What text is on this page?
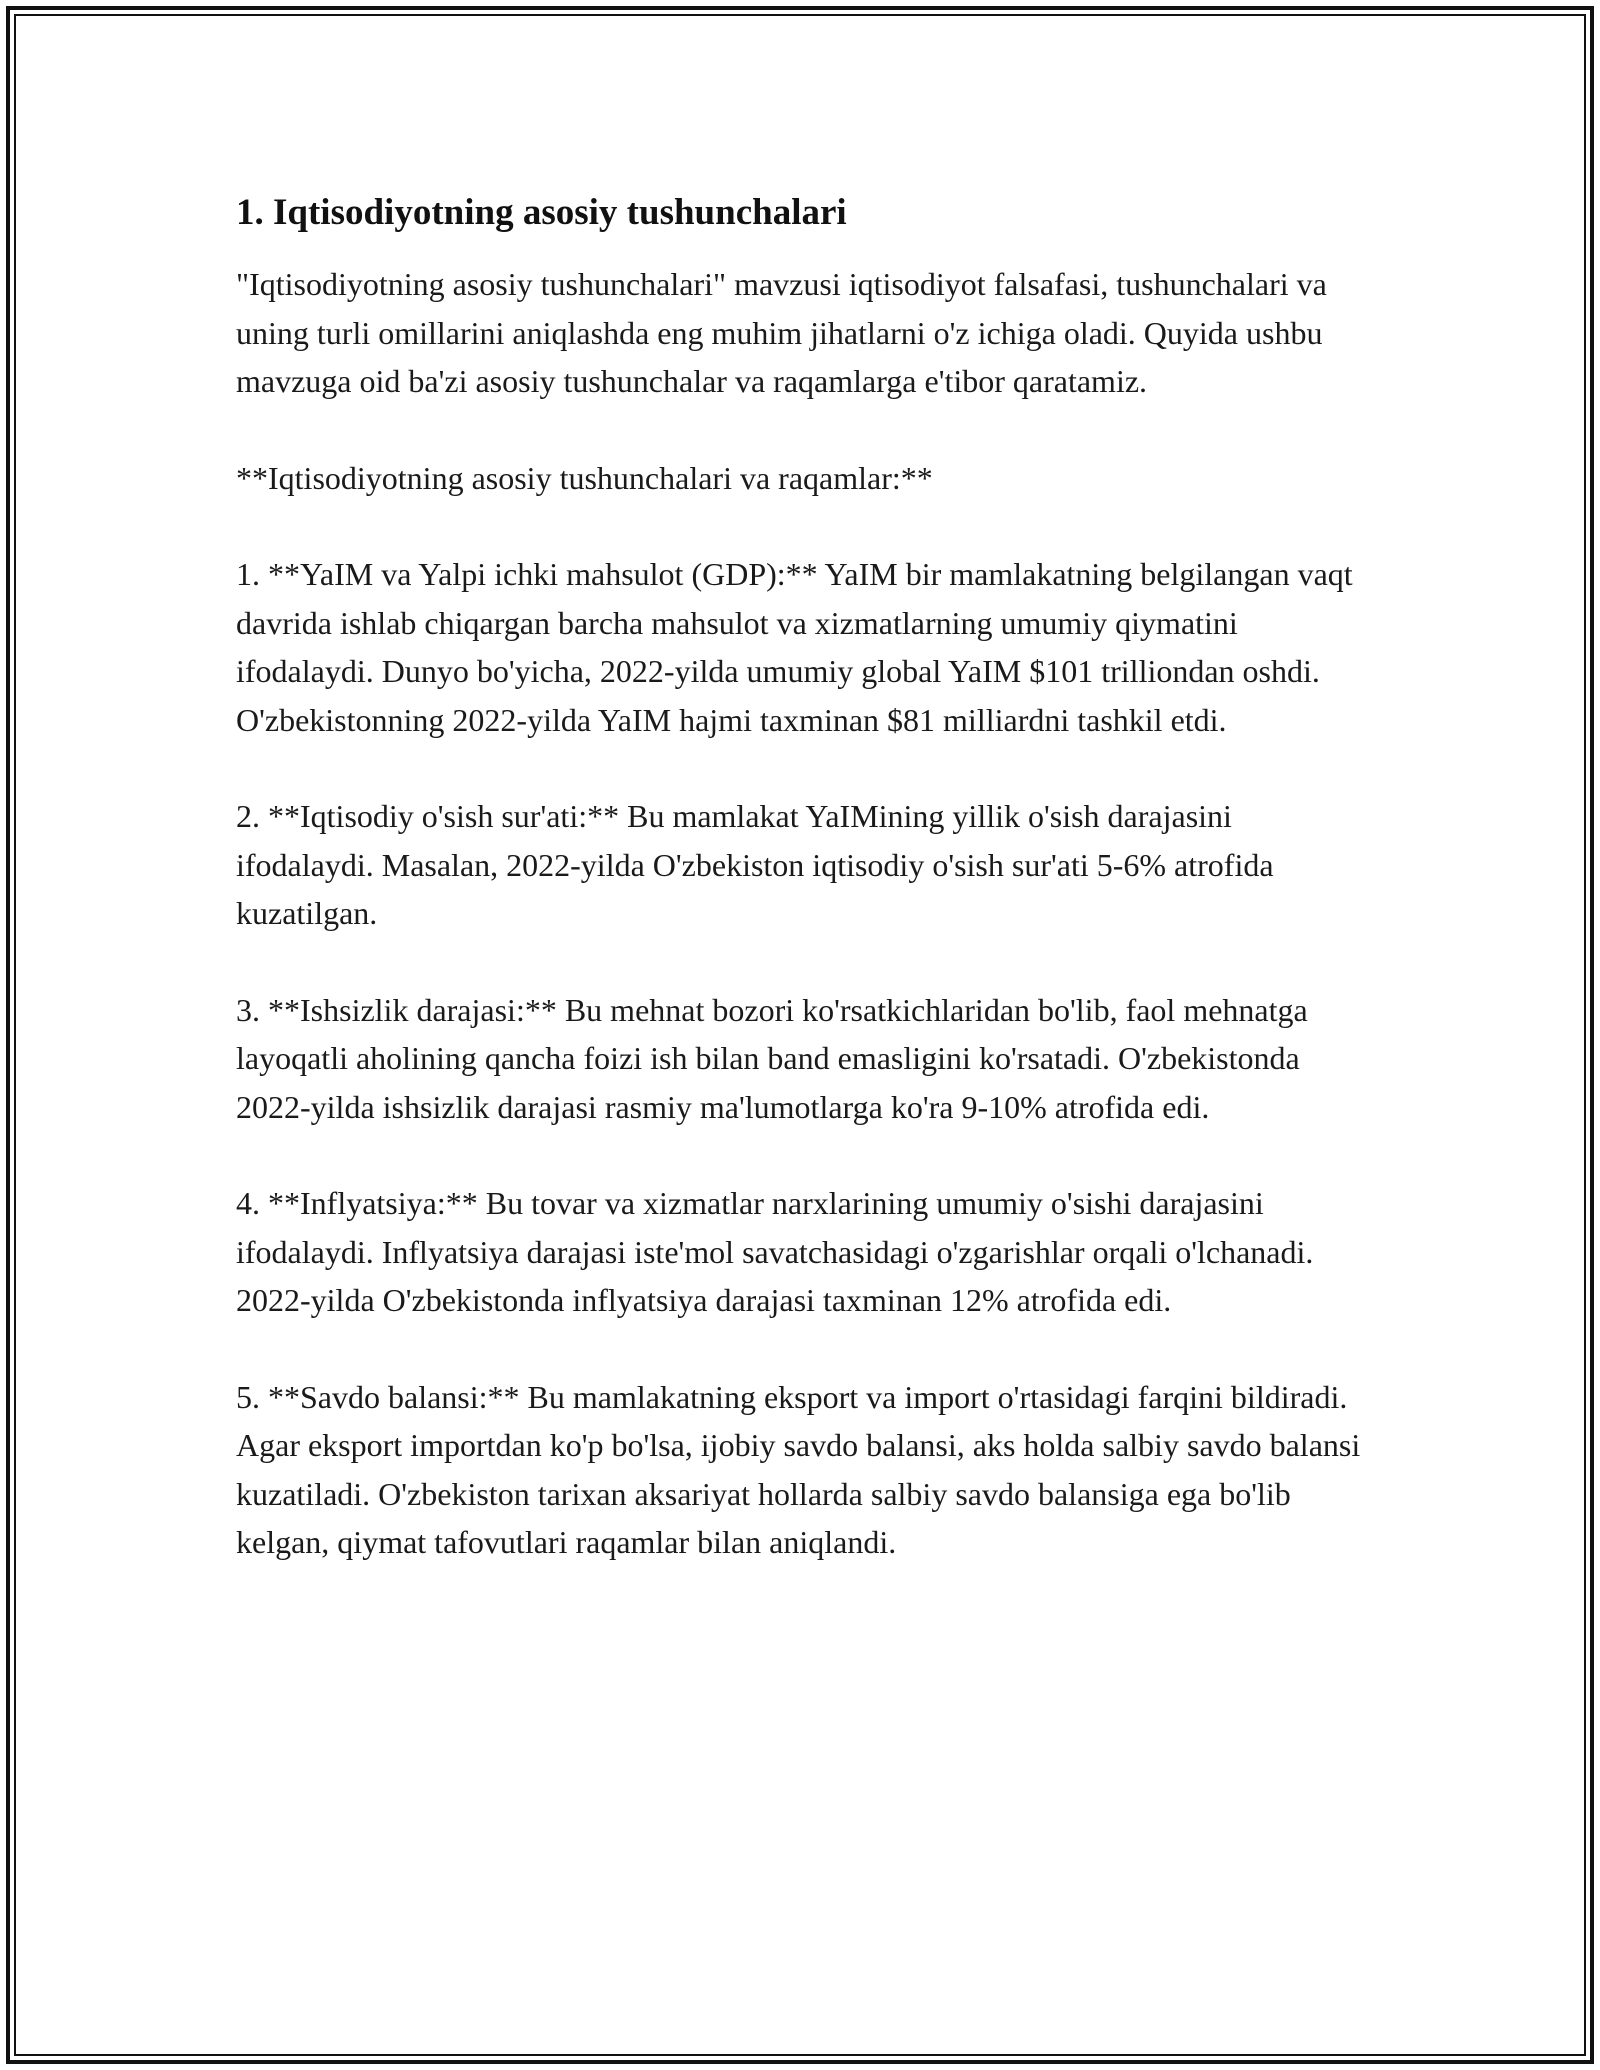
1. Iqtisodiyotning asosiy tushunchalari

"Iqtisodiyotning asosiy tushunchalari" mavzusi iqtisodiyot falsafasi, tushunchalari va uning turli omillarini aniqlashda eng muhim jihatlarni o'z ichiga oladi. Quyida ushbu mavzuga oid ba'zi asosiy tushunchalar va raqamlarga e'tibor qaratamiz.

**Iqtisodiyotning asosiy tushunchalari va raqamlar:**

1. **YaIM va Yalpi ichki mahsulot (GDP):** YaIM bir mamlakatning belgilangan vaqt davrida ishlab chiqargan barcha mahsulot va xizmatlarning umumiy qiymatini ifodalaydi. Dunyo bo'yicha, 2022-yilda umumiy global YaIM $101 trilliondan oshdi. O'zbekistonning 2022-yilda YaIM hajmi taxminan $81 milliardni tashkil etdi.

2. **Iqtisodiy o'sish sur'ati:** Bu mamlakat YaIMining yillik o'sish darajasini ifodalaydi. Masalan, 2022-yilda O'zbekiston iqtisodiy o'sish sur'ati 5-6% atrofida kuzatilgan.

3. **Ishsizlik darajasi:** Bu mehnat bozori ko'rsatkichlaridan bo'lib, faol mehnatga layoqatli aholining qancha foizi ish bilan band emasligini ko'rsatadi. O'zbekistonda 2022-yilda ishsizlik darajasi rasmiy ma'lumotlarga ko'ra 9-10% atrofida edi.

4. **Inflyatsiya:** Bu tovar va xizmatlar narxlarining umumiy o'sishi darajasini ifodalaydi. Inflyatsiya darajasi iste'mol savatchasidagi o'zgarishlar orqali o'lchanadi. 2022-yilda O'zbekistonda inflyatsiya darajasi taxminan 12% atrofida edi.

5. **Savdo balansi:** Bu mamlakatning eksport va import o'rtasidagi farqini bildiradi. Agar eksport importdan ko'p bo'lsa, ijobiy savdo balansi, aks holda salbiy savdo balansi kuzatiladi. O'zbekiston tarixan aksariyat hollarda salbiy savdo balansiga ega bo'lib kelgan, qiymat tafovutlari raqamlar bilan aniqlandi.
